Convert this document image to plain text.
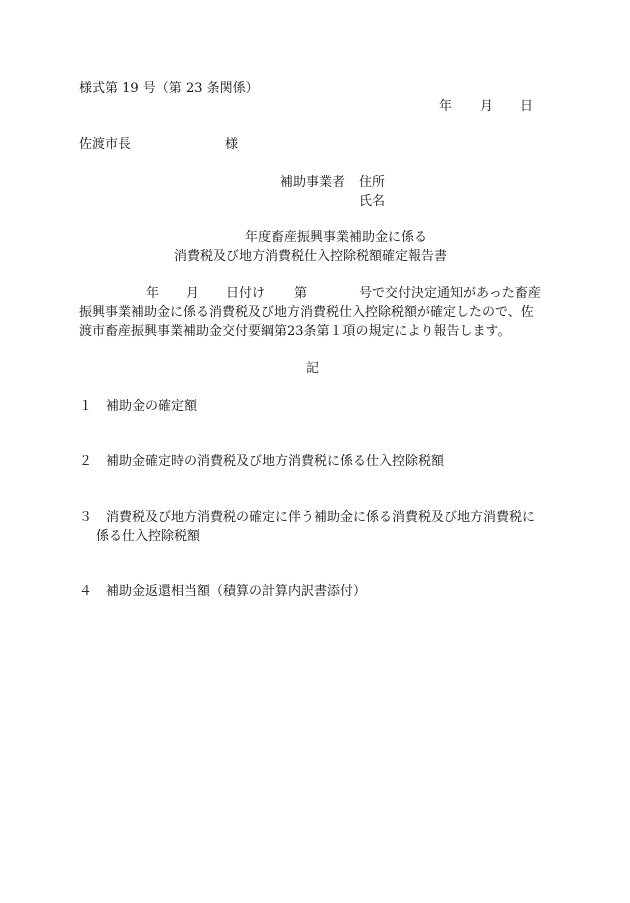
様式第 19 号（第 23 条関係）
年 月 日
佐渡市長	様
補助事業者 住所
氏名
年度畜産振興事業補助金に係る
消費税及び地方消費税仕入控除税額確定報告書
年 月 日付け 第	号で交付決定通知があった畜産
振興事業補助金に係る消費税及び地方消費税仕入控除税額が確定したので、佐
渡市畜産振興事業補助金交付要綱第23条第１項の規定により報告します。
記
１ 補助金の確定額
２ 補助金確定時の消費税及び地方消費税に係る仕入控除税額
３ 消費税及び地方消費税の確定に伴う補助金に係る消費税及び地方消費税に
係る仕入控除税額
４ 補助金返還相当額（積算の計算内訳書添付）
